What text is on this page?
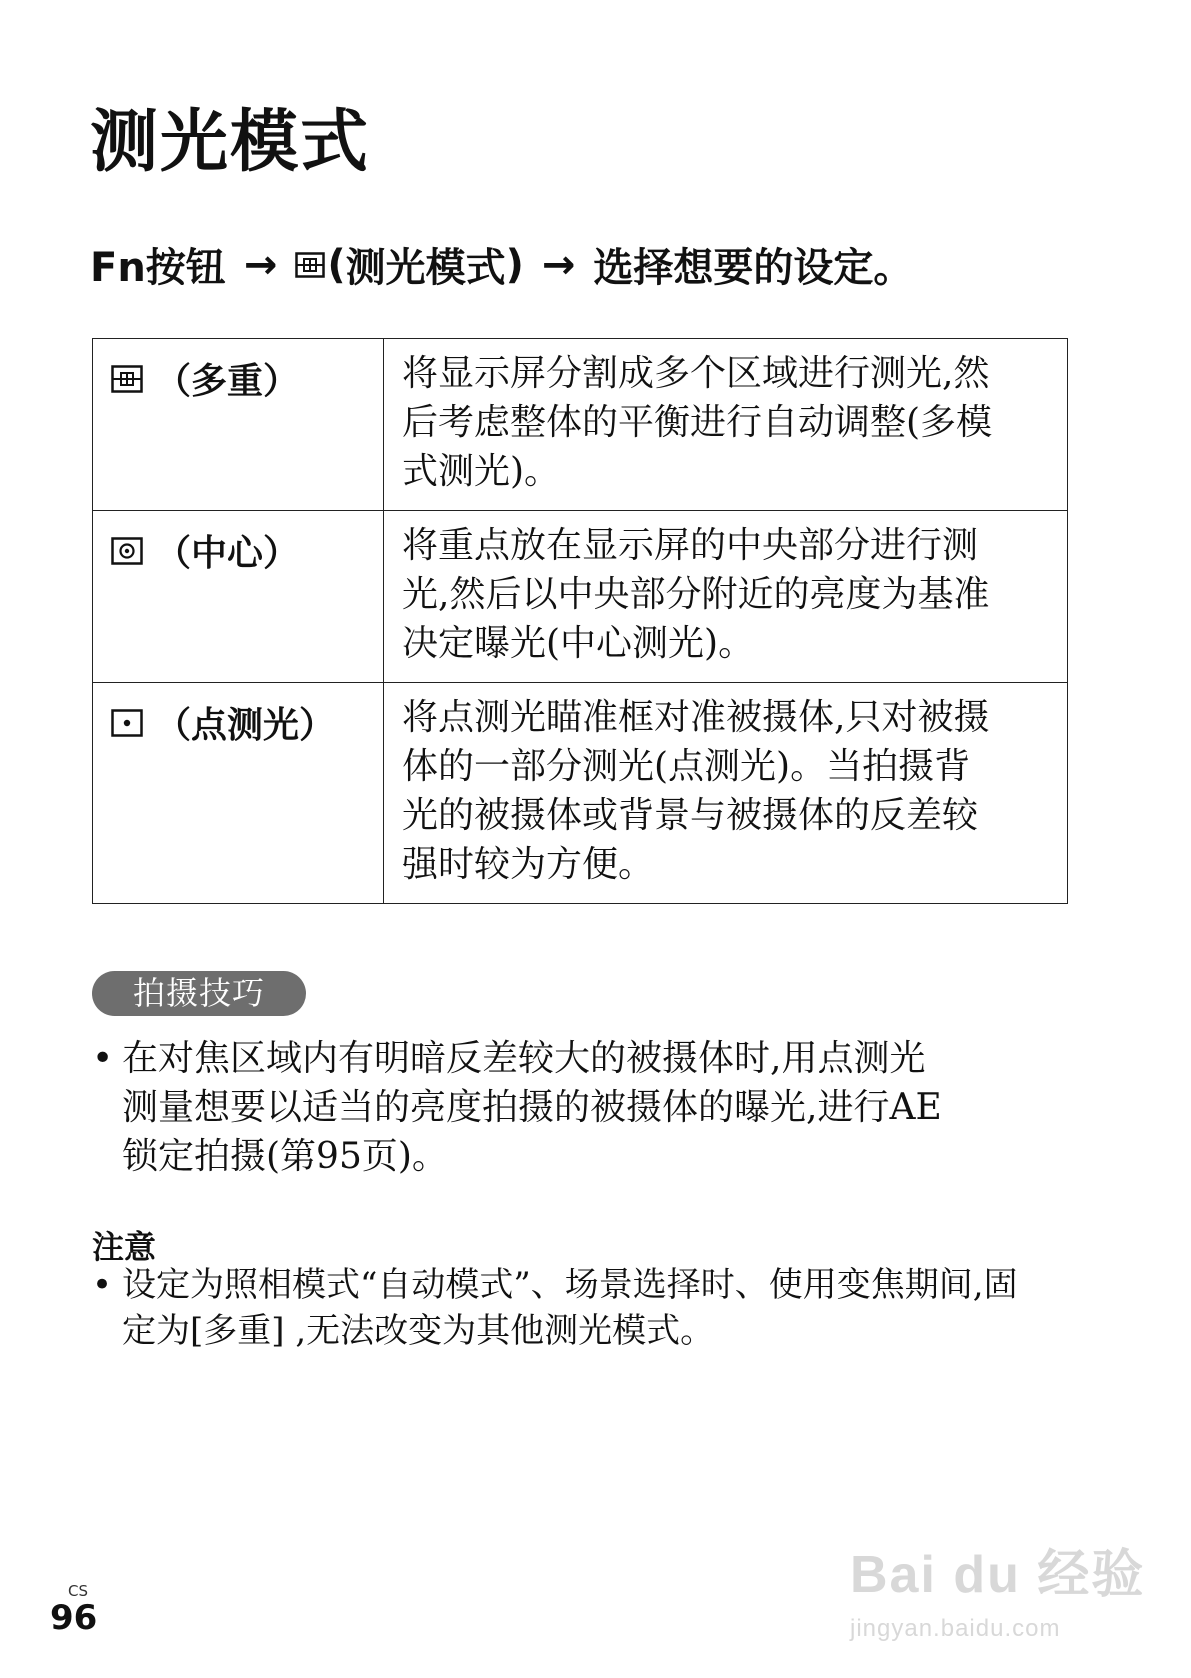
测光模式
Fn按钮 → ( 测光模式 ) → 选择想要的设定。
（多重）	将显示屏分割成多个区域进行测光,然
后考虑整体的平衡进行自动调整(多模
式测光)。

（中心）	将重点放在显示屏的中央部分进行测
光,然后以中央部分附近的亮度为基准
决定曝光(中心测光)。

（点测光）	将点测光瞄准框对准被摄体,只对被摄
体的一部分测光(点测光)。当拍摄背
光的被摄体或背景与被摄体的反差较
强时较为方便。
拍摄技巧
• 在对焦区域内有明暗反差较大的被摄体时,用点测光
测量想要以适当的亮度拍摄的被摄体的曝光,进行AE
锁定拍摄(第95页)。
注意
• 设定为照相模式“自动模式”、场景选择时、使用变焦期间,固
定为[多重] ,无法改变为其他测光模式。
CS
96
Bai du 经验
jingyan.baidu.com
